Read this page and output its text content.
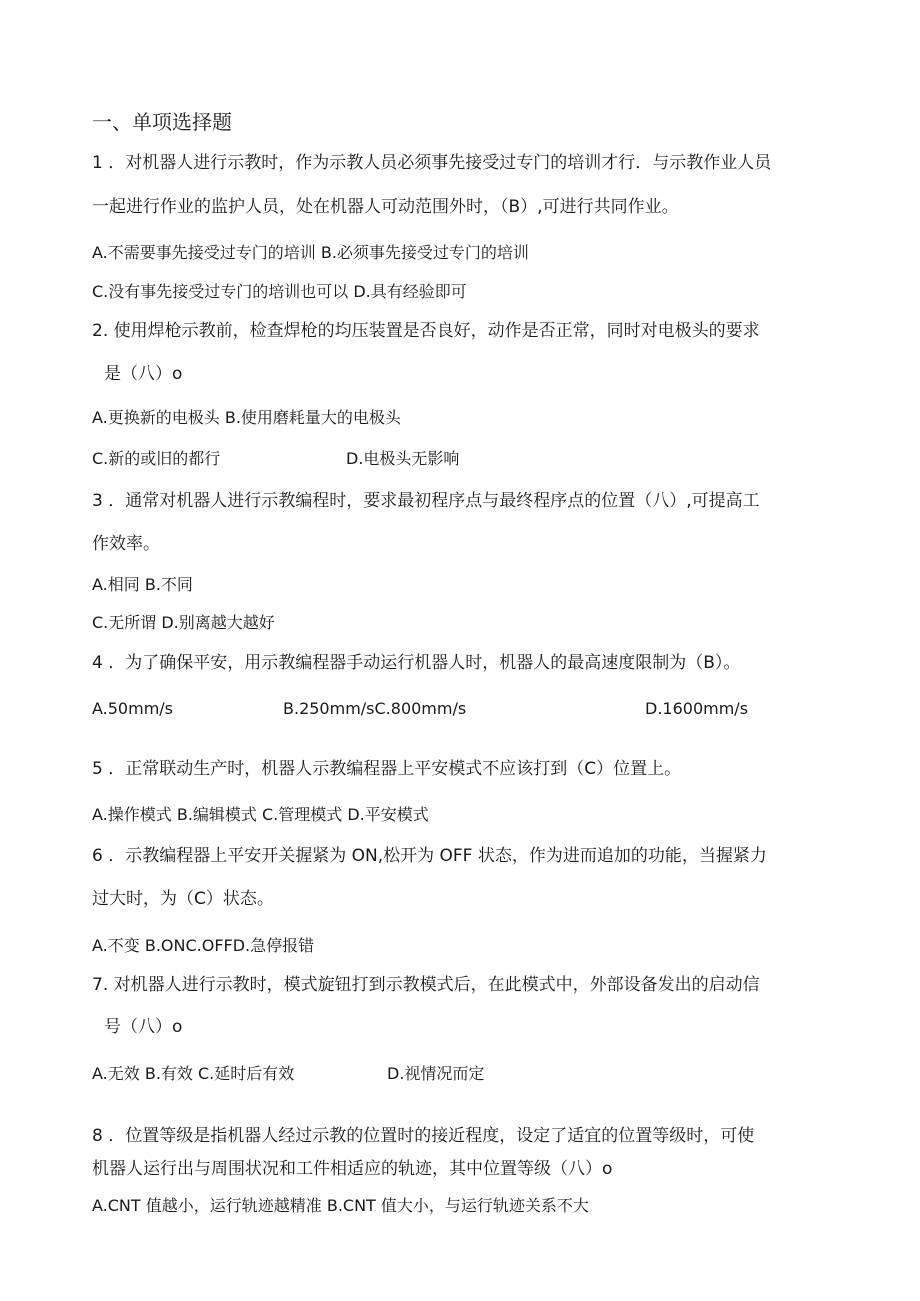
一、单项选择题
1 ．对机器人进行示教时，作为示教人员必须事先接受过专门的培训才行．与示教作业人员
一起进行作业的监护人员，处在机器人可动范围外时，（B）,可进行共同作业。
A.不需要事先接受过专门的培训 B.必须事先接受过专门的培训
C.没有事先接受过专门的培训也可以 D.具有经验即可
2. 使用焊枪示教前，检查焊枪的均压装置是否良好，动作是否正常，同时对电极头的要求
是（八）o
A.更换新的电极头 B.使用磨耗量大的电极头
C.新的或旧的都行	D.电极头无影响
3 ．通常对机器人进行示教编程时，要求最初程序点与最终程序点的位置（八）,可提高工
作效率。
A.相同 B.不同
C.无所谓 D.别离越大越好
4 ．为了确保平安，用示教编程器手动运行机器人时，机器人的最高速度限制为（B）。
A.50mm/s	B.250mm∕sC.800mm/s	D.1600mm/s
5 ．正常联动生产时，机器人示教编程器上平安模式不应该打到（C）位置上。
A.操作模式 B.编辑模式 C.管理模式 D.平安模式
6 ．示教编程器上平安开关握紧为 ON,松开为 OFF 状态，作为进而追加的功能，当握紧力
过大时，为（C）状态。
A.不变 B.ONC.OFFD.急停报错
7. 对机器人进行示教时，模式旋钮打到示教模式后，在此模式中，外部设备发出的启动信
号（八）o
A.无效 B.有效 C.延时后有效	D.视情况而定
8 ．位置等级是指机器人经过示教的位置时的接近程度，设定了适宜的位置等级时，可使
机器人运行出与周围状况和工件相适应的轨迹，其中位置等级（八）o
A.CNT 值越小，运行轨迹越精准 B.CNT 值大小，与运行轨迹关系不大
